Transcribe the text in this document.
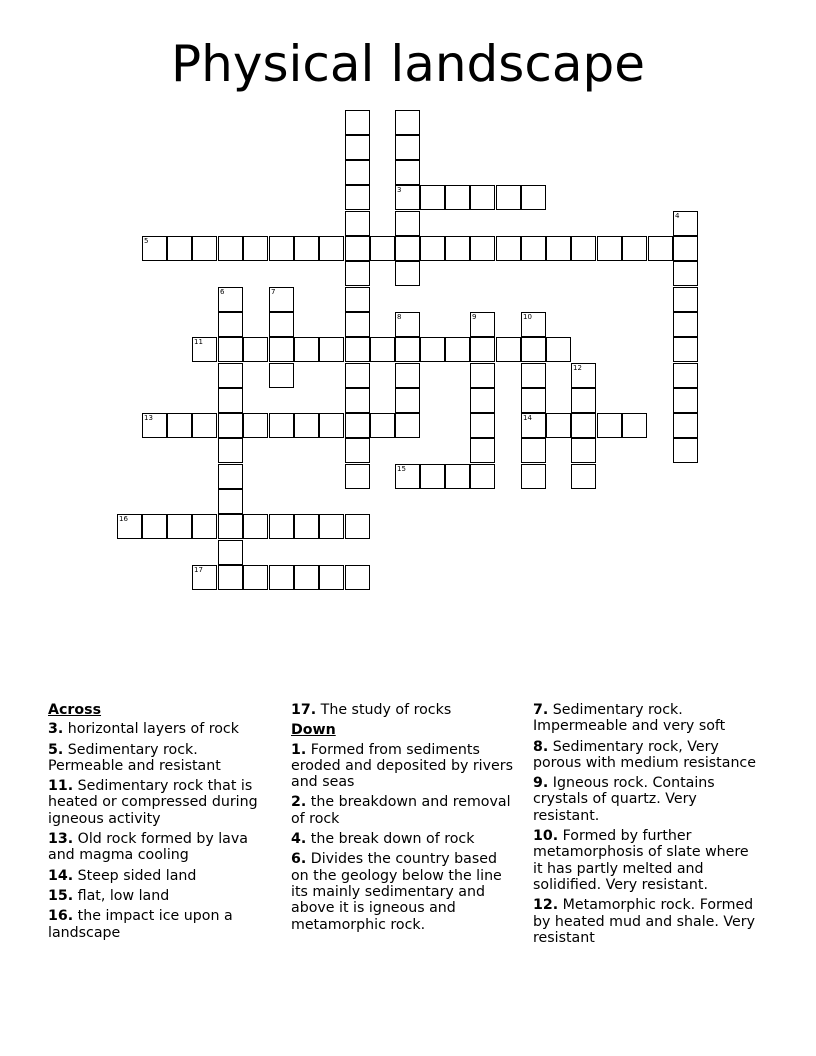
Physical landscape
3
4
5
6	7
8	9	10
11
12
13	14
15
16
17
Across
3. horizontal layers of rock
5. Sedimentary rock. Permeable and resistant
11. Sedimentary rock that is heated or compressed during igneous activity
13. Old rock formed by lava and magma cooling
14. Steep sided land
15. flat, low land
16. the impact ice upon a landscape
17. The study of rocks
Down
1. Formed from sediments eroded and deposited by rivers and seas
2. the breakdown and removal of rock
4. the break down of rock
6. Divides the country based on the geology below the line its mainly sedimentary and above it is igneous and metamorphic rock.
7. Sedimentary rock. Impermeable and very soft
8. Sedimentary rock, Very porous with medium resistance
9. Igneous rock. Contains crystals of quartz. Very resistant.
10. Formed by further metamorphosis of slate where it has partly melted and solidified. Very resistant.
12. Metamorphic rock. Formed by heated mud and shale. Very resistant
